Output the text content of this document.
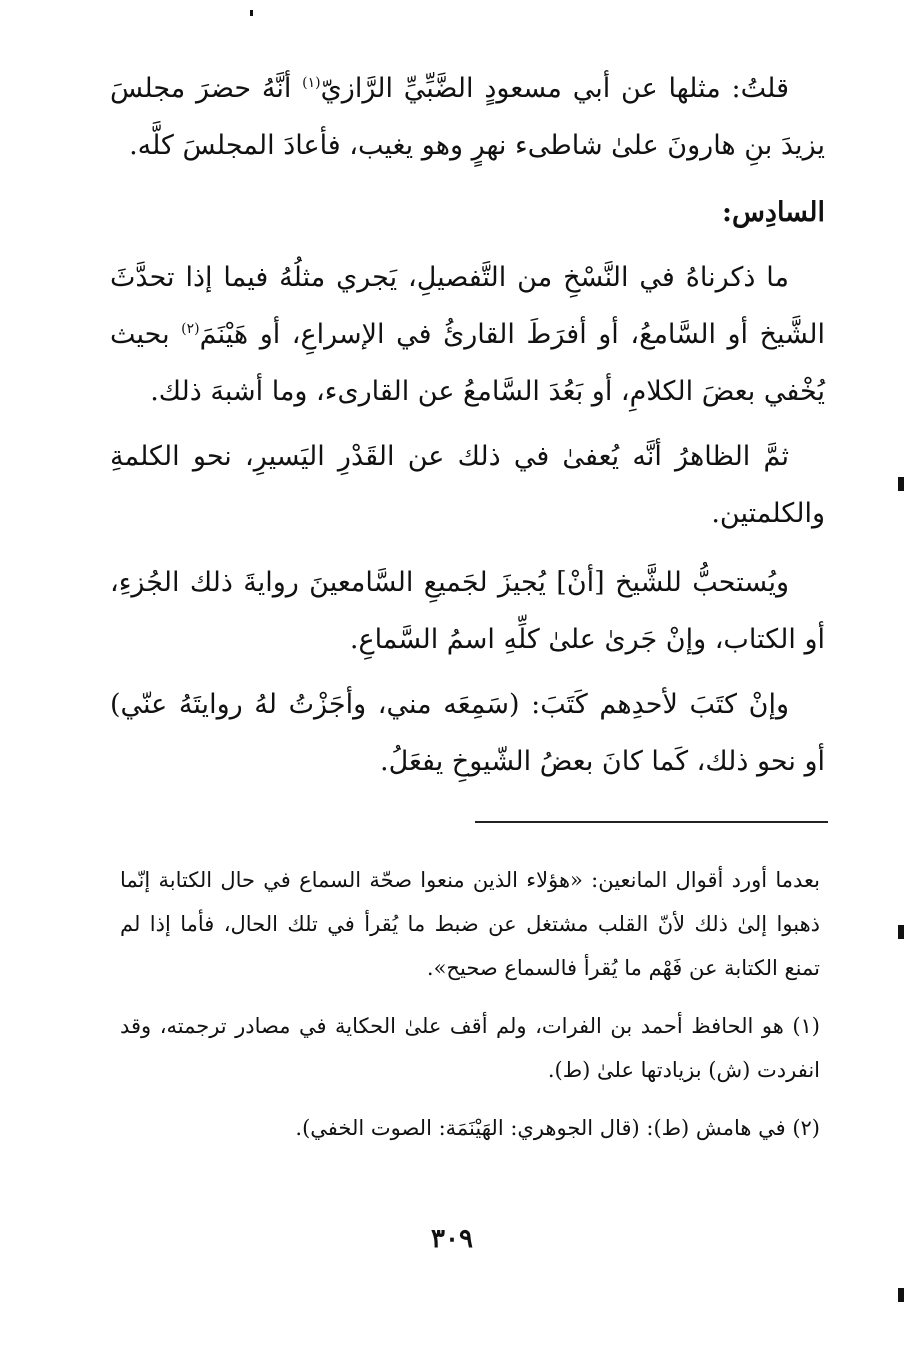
قلتُ: مثلها عن أبي مسعودٍ الضَّبِّيِّ الرَّازيّ$^{(١)}$ أنَّهُ حضرَ مجلسَ يزيدَ بنِ هارونَ علىٰ شاطىء نهرٍ وهو يغيب، فأعادَ المجلسَ كلَّه.

السادِس:

ما ذكرناهُ في النَّسْخِ من التَّفصيلِ، يَجري مثلُهُ فيما إذا تحدَّثَ الشَّيخ أو السَّامعُ، أو أفرَطَ القارئُ في الإسراعِ، أو هَيْنَمَ$^{(٢)}$ بحيث يُخْفي بعضَ الكلامِ، أو بَعُدَ السَّامعُ عن القارىء، وما أشبهَ ذلك.

ثمَّ الظاهرُ أنَّه يُعفىٰ في ذلك عن القَدْرِ اليَسيرِ، نحو الكلمةِ والكلمتين.

ويُستحبُّ للشَّيخ [أنْ] يُجيزَ لجَميعِ السَّامعينَ روايةَ ذلك الجُزءِ، أو الكتاب، وإنْ جَرىٰ علىٰ كلِّهِ اسمُ السَّماعِ.

وإنْ كتَبَ لأحدِهم كَتَبَ: (سَمِعَه مني، وأجَزْتُ لهُ روايتَهُ عنّي) أو نحو ذلك، كَما كانَ بعضُ الشّيوخِ يفعَلُ.

بعدما أورد أقوال المانعين: «هؤلاء الذين منعوا صحّة السماع في حال الكتابة إنّما ذهبوا إلىٰ ذلك لأنّ القلب مشتغل عن ضبط ما يُقرأ في تلك الحال، فأما إذا لم تمنع الكتابة عن فَهْم ما يُقرأ فالسماع صحيح».

(١) هو الحافظ أحمد بن الفرات، ولم أقف علىٰ الحكاية في مصادر ترجمته، وقد انفردت (ش) بزيادتها علىٰ (ط).

(٢) في هامش (ط): (قال الجوهري: الهَيْنَمَة: الصوت الخفي).

٣٠٩
